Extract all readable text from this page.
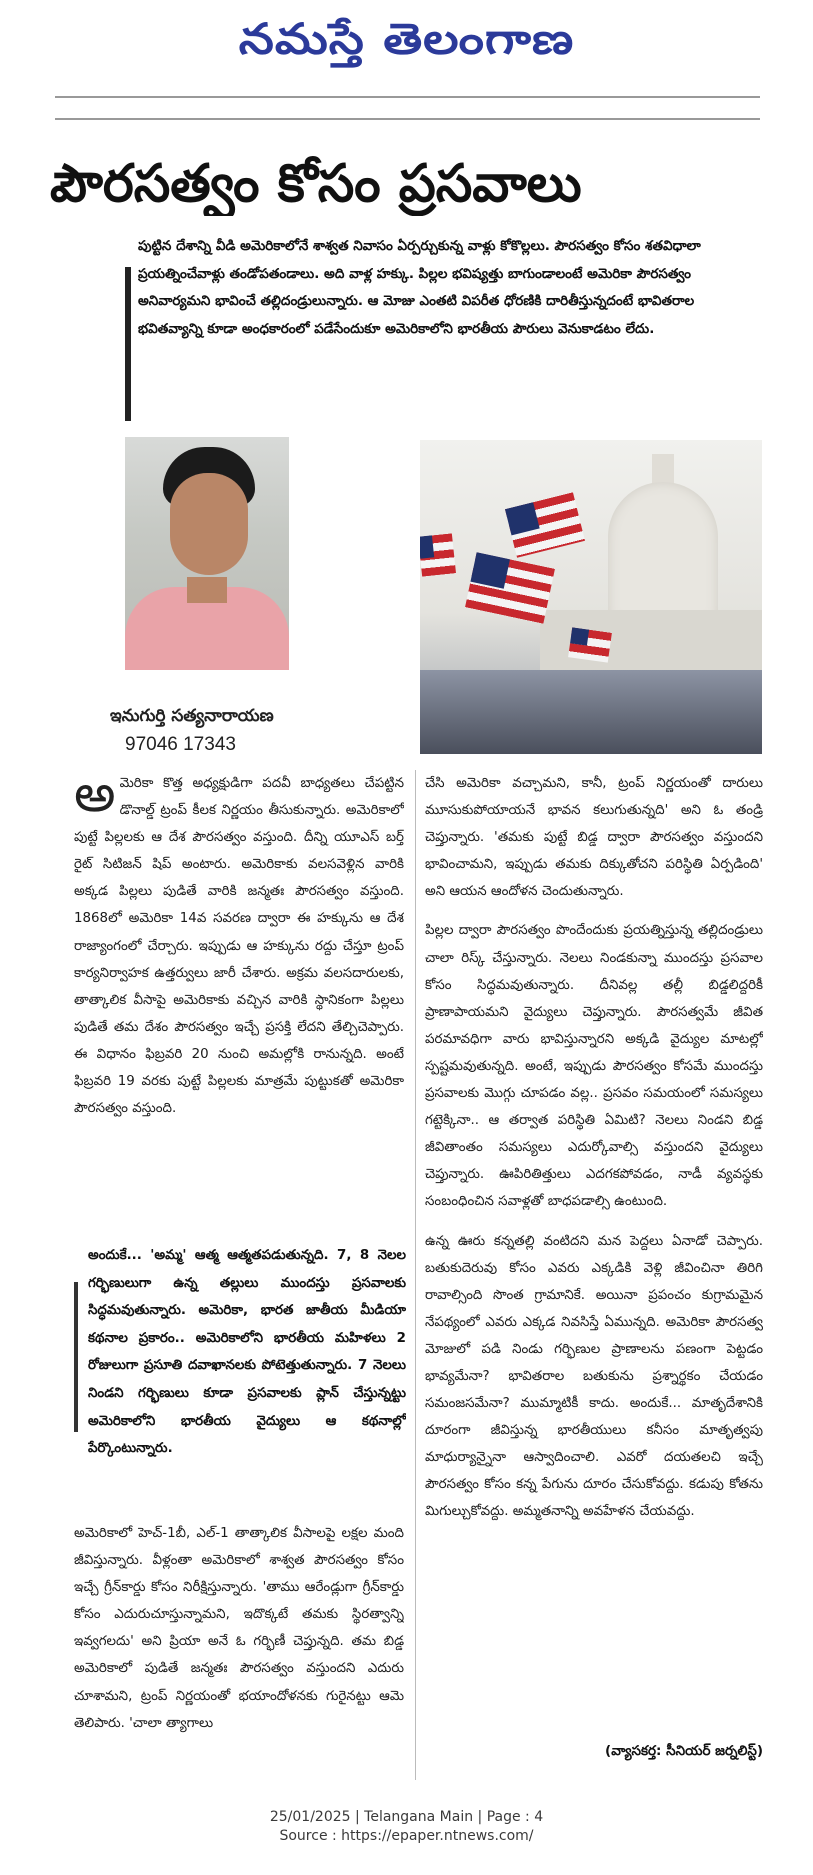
నమస్తే తెలంగాణ
పౌరసత్వం కోసం ప్రసవాలు
పుట్టిన దేశాన్ని వీడి అమెరికాలోనే శాశ్వత నివాసం ఏర్పర్చుకున్న వాళ్లు కోకొల్లలు. పౌరసత్వం కోసం శతవిధాలా ప్రయత్నించేవాళ్లు తండోపతండాలు. అది వాళ్ల హక్కు. పిల్లల భవిష్యత్తు బాగుండాలంటే అమెరికా పౌరసత్వం అనివార్యమని భావించే తల్లిదండ్రులున్నారు. ఆ మోజు ఎంతటి విపరీత ధోరణికి దారితీస్తున్నదంటే భావితరాల భవితవ్యాన్ని కూడా అంధకారంలో పడేసేందుకూ అమెరికాలోని భారతీయ పౌరులు వెనుకాడటం లేదు.
ఇనుగుర్తి సత్యనారాయణ
97046 17343

అమెరికా కొత్త అధ్యక్షుడిగా పదవీ బాధ్యతలు చేపట్టిన డొనాల్డ్ ట్రంప్ కీలక నిర్ణయం తీసుకున్నారు. అమెరికాలో పుట్టే పిల్లలకు ఆ దేశ పౌరసత్వం వస్తుంది. దీన్ని యూఎస్ బర్త్ రైట్ సిటిజన్ షిప్ అంటారు. అమెరికాకు వలసవెళ్లిన వారికి అక్కడ పిల్లలు పుడితే వారికి జన్మతః పౌరసత్వం వస్తుంది. 1868లో అమెరికా 14వ సవరణ ద్వారా ఈ హక్కును ఆ దేశ రాజ్యాంగంలో చేర్చారు. ఇప్పుడు ఆ హక్కును రద్దు చేస్తూ ట్రంప్ కార్యనిర్వాహక ఉత్తర్వులు జారీ చేశారు. అక్రమ వలసదారులకు, తాత్కాలిక వీసాపై అమెరికాకు వచ్చిన వారికి స్థానికంగా పిల్లలు పుడితే తమ దేశం పౌరసత్వం ఇచ్చే ప్రసక్తి లేదని తేల్చిచెప్పారు. ఈ విధానం ఫిబ్రవరి 20 నుంచి అమల్లోకి రానున్నది. అంటే ఫిబ్రవరి 19 వరకు పుట్టే పిల్లలకు మాత్రమే పుట్టుకతో అమెరికా పౌరసత్వం వస్తుంది.

అందుకే... 'అమ్మ' ఆత్మ ఆత్మతపడుతున్నది. 7, 8 నెలల గర్భిణులుగా ఉన్న తల్లులు ముందస్తు ప్రసవాలకు సిద్ధమవుతున్నారు. అమెరికా, భారత జాతీయ మీడియా కథనాల ప్రకారం.. అమెరికాలోని భారతీయ మహిళలు 2 రోజులుగా ప్రసూతి దవాఖానలకు పోటెత్తుతున్నారు. 7 నెలలు నిండని గర్భిణులు కూడా ప్రసవాలకు ప్లాన్ చేస్తున్నట్టు అమెరికాలోని భారతీయ వైద్యులు ఆ కథనాల్లో పేర్కొంటున్నారు.

అమెరికాలో హెచ్-1బీ, ఎల్-1 తాత్కాలిక వీసాలపై లక్షల మంది జీవిస్తున్నారు. వీళ్లంతా అమెరికాలో శాశ్వత పౌరసత్వం కోసం ఇచ్చే గ్రీన్‌కార్డు కోసం నిరీక్షిస్తున్నారు. 'తాము ఆరేండ్లుగా గ్రీన్‌కార్డు కోసం ఎదురుచూస్తున్నామని, ఇదొక్కటే తమకు స్థిరత్వాన్ని ఇవ్వగలదు' అని ప్రియా అనే ఓ గర్భిణీ చెప్తున్నది. తమ బిడ్డ అమెరికాలో పుడితే జన్మతః పౌరసత్వం వస్తుందని ఎదురు చూశామని, ట్రంప్ నిర్ణయంతో భయాందోళనకు గురైనట్టు ఆమె తెలిపారు. 'చాలా త్యాగాలు

చేసి అమెరికా వచ్చామని, కానీ, ట్రంప్ నిర్ణయంతో దారులు మూసుకుపోయాయనే భావన కలుగుతున్నది' అని ఓ తండ్రి చెప్తున్నారు. 'తమకు పుట్టే బిడ్డ ద్వారా పౌరసత్వం వస్తుందని భావించామని, ఇప్పుడు తమకు దిక్కుతోచని పరిస్థితి ఏర్పడింది' అని ఆయన ఆందోళన చెందుతున్నారు.

పిల్లల ద్వారా పౌరసత్వం పొందేందుకు ప్రయత్నిస్తున్న తల్లిదండ్రులు చాలా రిస్క్ చేస్తున్నారు. నెలలు నిండకున్నా ముందస్తు ప్రసవాల కోసం సిద్ధమవుతున్నారు. దీనివల్ల తల్లీ బిడ్డలిద్దరికీ ప్రాణాపాయమని వైద్యులు చెప్తున్నారు. పౌరసత్వమే జీవిత పరమావధిగా వారు భావిస్తున్నారని అక్కడి వైద్యుల మాటల్లో స్పష్టమవుతున్నది. అంటే, ఇప్పుడు పౌరసత్వం కోసమే ముందస్తు ప్రసవాలకు మొగ్గు చూపడం వల్ల.. ప్రసవం సమయంలో సమస్యలు గట్టెక్కినా.. ఆ తర్వాత పరిస్థితి ఏమిటి? నెలలు నిండని బిడ్డ జీవితాంతం సమస్యలు ఎదుర్కోవాల్సి వస్తుందని వైద్యులు చెప్తున్నారు. ఊపిరితిత్తులు ఎదగకపోవడం, నాడీ వ్యవస్థకు సంబంధించిన సవాళ్లతో బాధపడాల్సి ఉంటుంది.

ఉన్న ఊరు కన్నతల్లి వంటిదని మన పెద్దలు ఏనాడో చెప్పారు. బతుకుదెరువు కోసం ఎవరు ఎక్కడికి వెళ్లి జీవించినా తిరిగి రావాల్సింది సొంత గ్రామానికే. అయినా ప్రపంచం కుగ్రామమైన నేపథ్యంలో ఎవరు ఎక్కడ నివసిస్తే ఏమున్నది. అమెరికా పౌరసత్వ మోజులో పడి నిండు గర్భిణుల ప్రాణాలను పణంగా పెట్టడం భావ్యమేనా? భావితరాల బతుకును ప్రశ్నార్థకం చేయడం సమంజసమేనా? ముమ్మాటికీ కాదు. అందుకే... మాతృదేశానికి దూరంగా జీవిస్తున్న భారతీయులు కనీసం మాతృత్వపు మాధుర్యాన్నైనా ఆస్వాదించాలి. ఎవరో దయతలచి ఇచ్చే పౌరసత్వం కోసం కన్న పేగును దూరం చేసుకోవద్దు. కడుపు కోతను మిగుల్చుకోవద్దు. అమ్మతనాన్ని అవహేళన చేయవద్దు.

(వ్యాసకర్త: సీనియర్ జర్నలిస్ట్)
25/01/2025 | Telangana Main | Page : 4
Source : https://epaper.ntnews.com/
